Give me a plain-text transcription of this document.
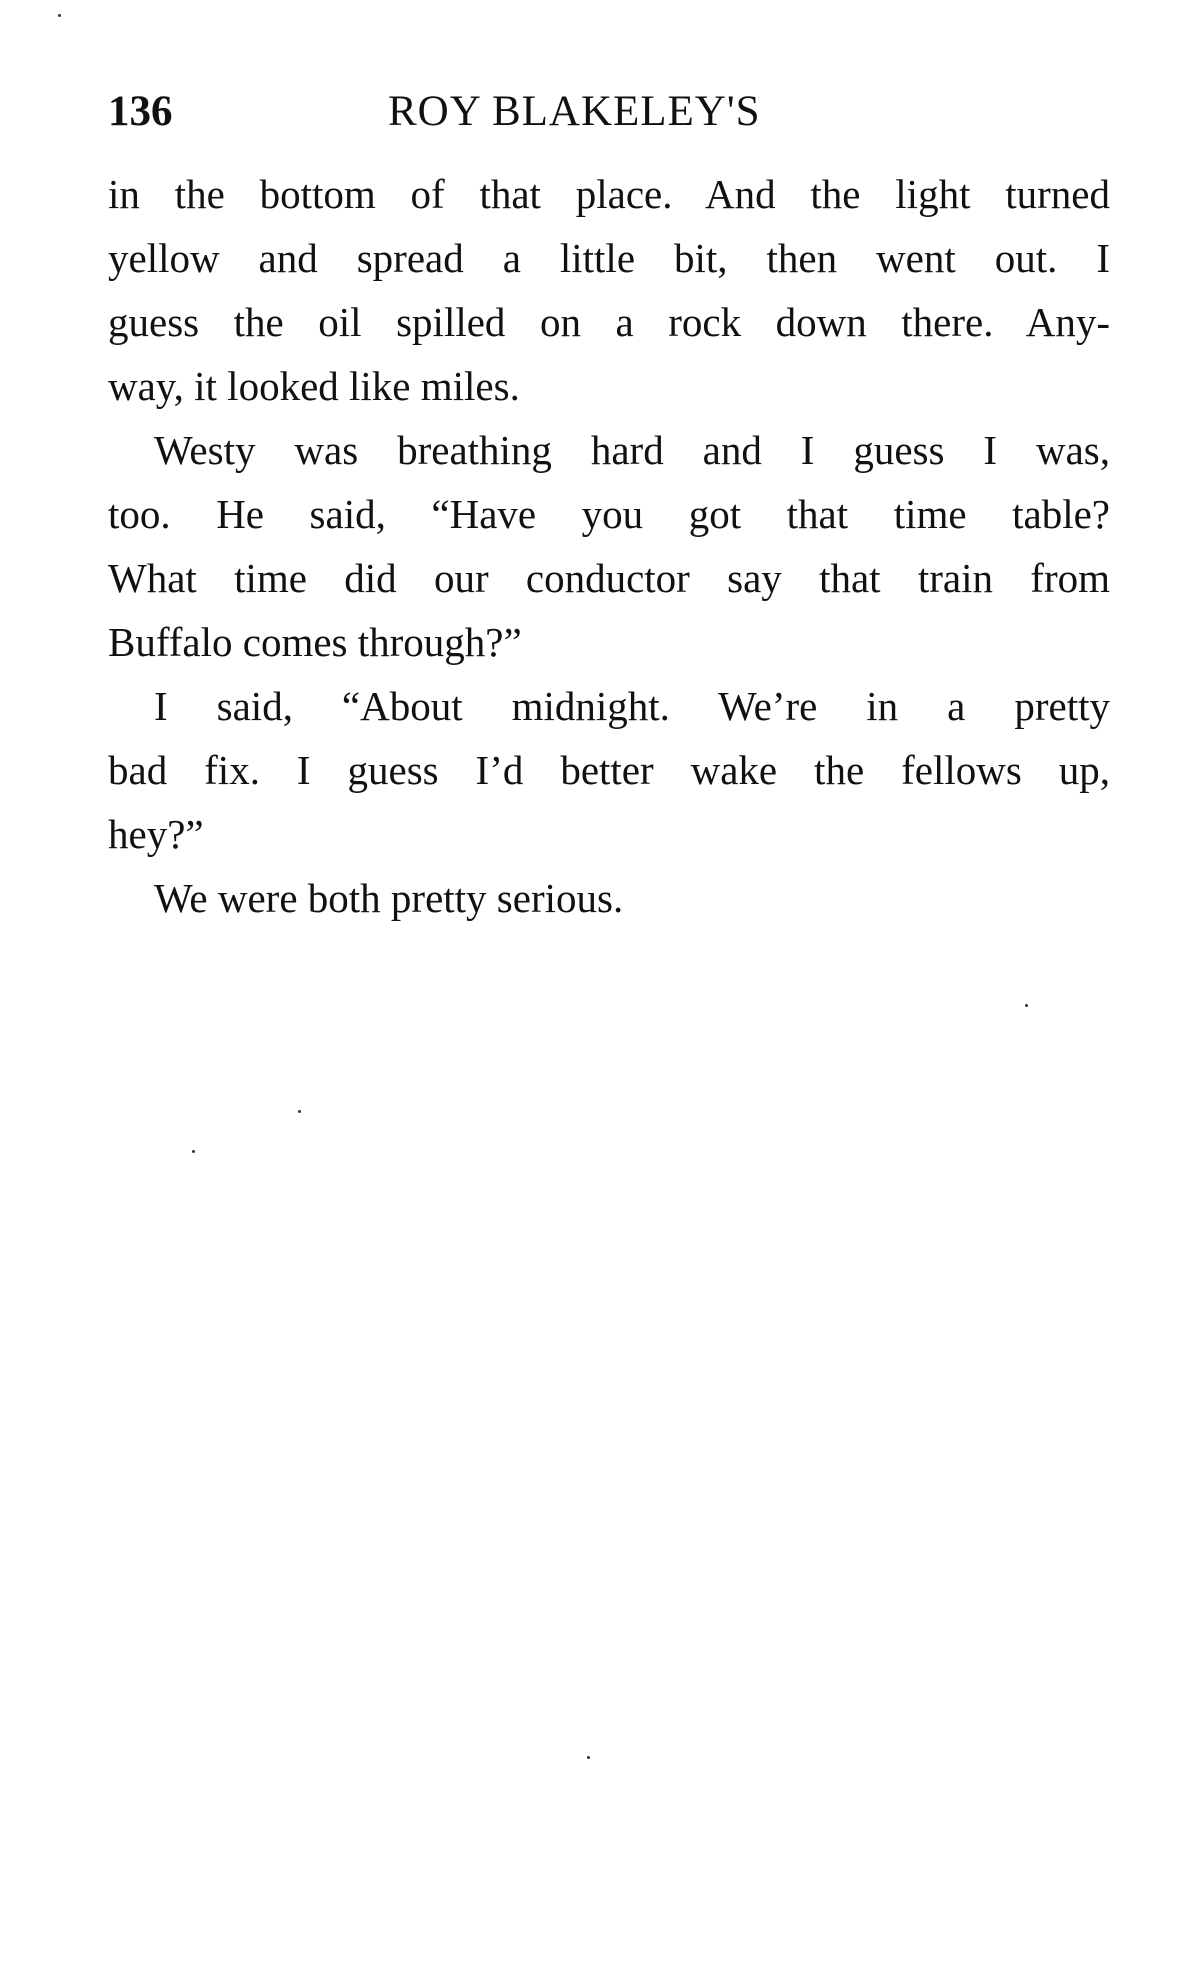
136	ROY BLAKELEY'S
in the bottom of that place. And the light turned
yellow and spread a little bit, then went out. I
guess the oil spilled on a rock down there. Any-
way, it looked like miles.
Westy was breathing hard and I guess I was,
too. He said, “Have you got that time table?
What time did our conductor say that train from
Buffalo comes through?”
I said, “About midnight. We’re in a pretty
bad fix. I guess I’d better wake the fellows up,
hey?”
We were both pretty serious.
